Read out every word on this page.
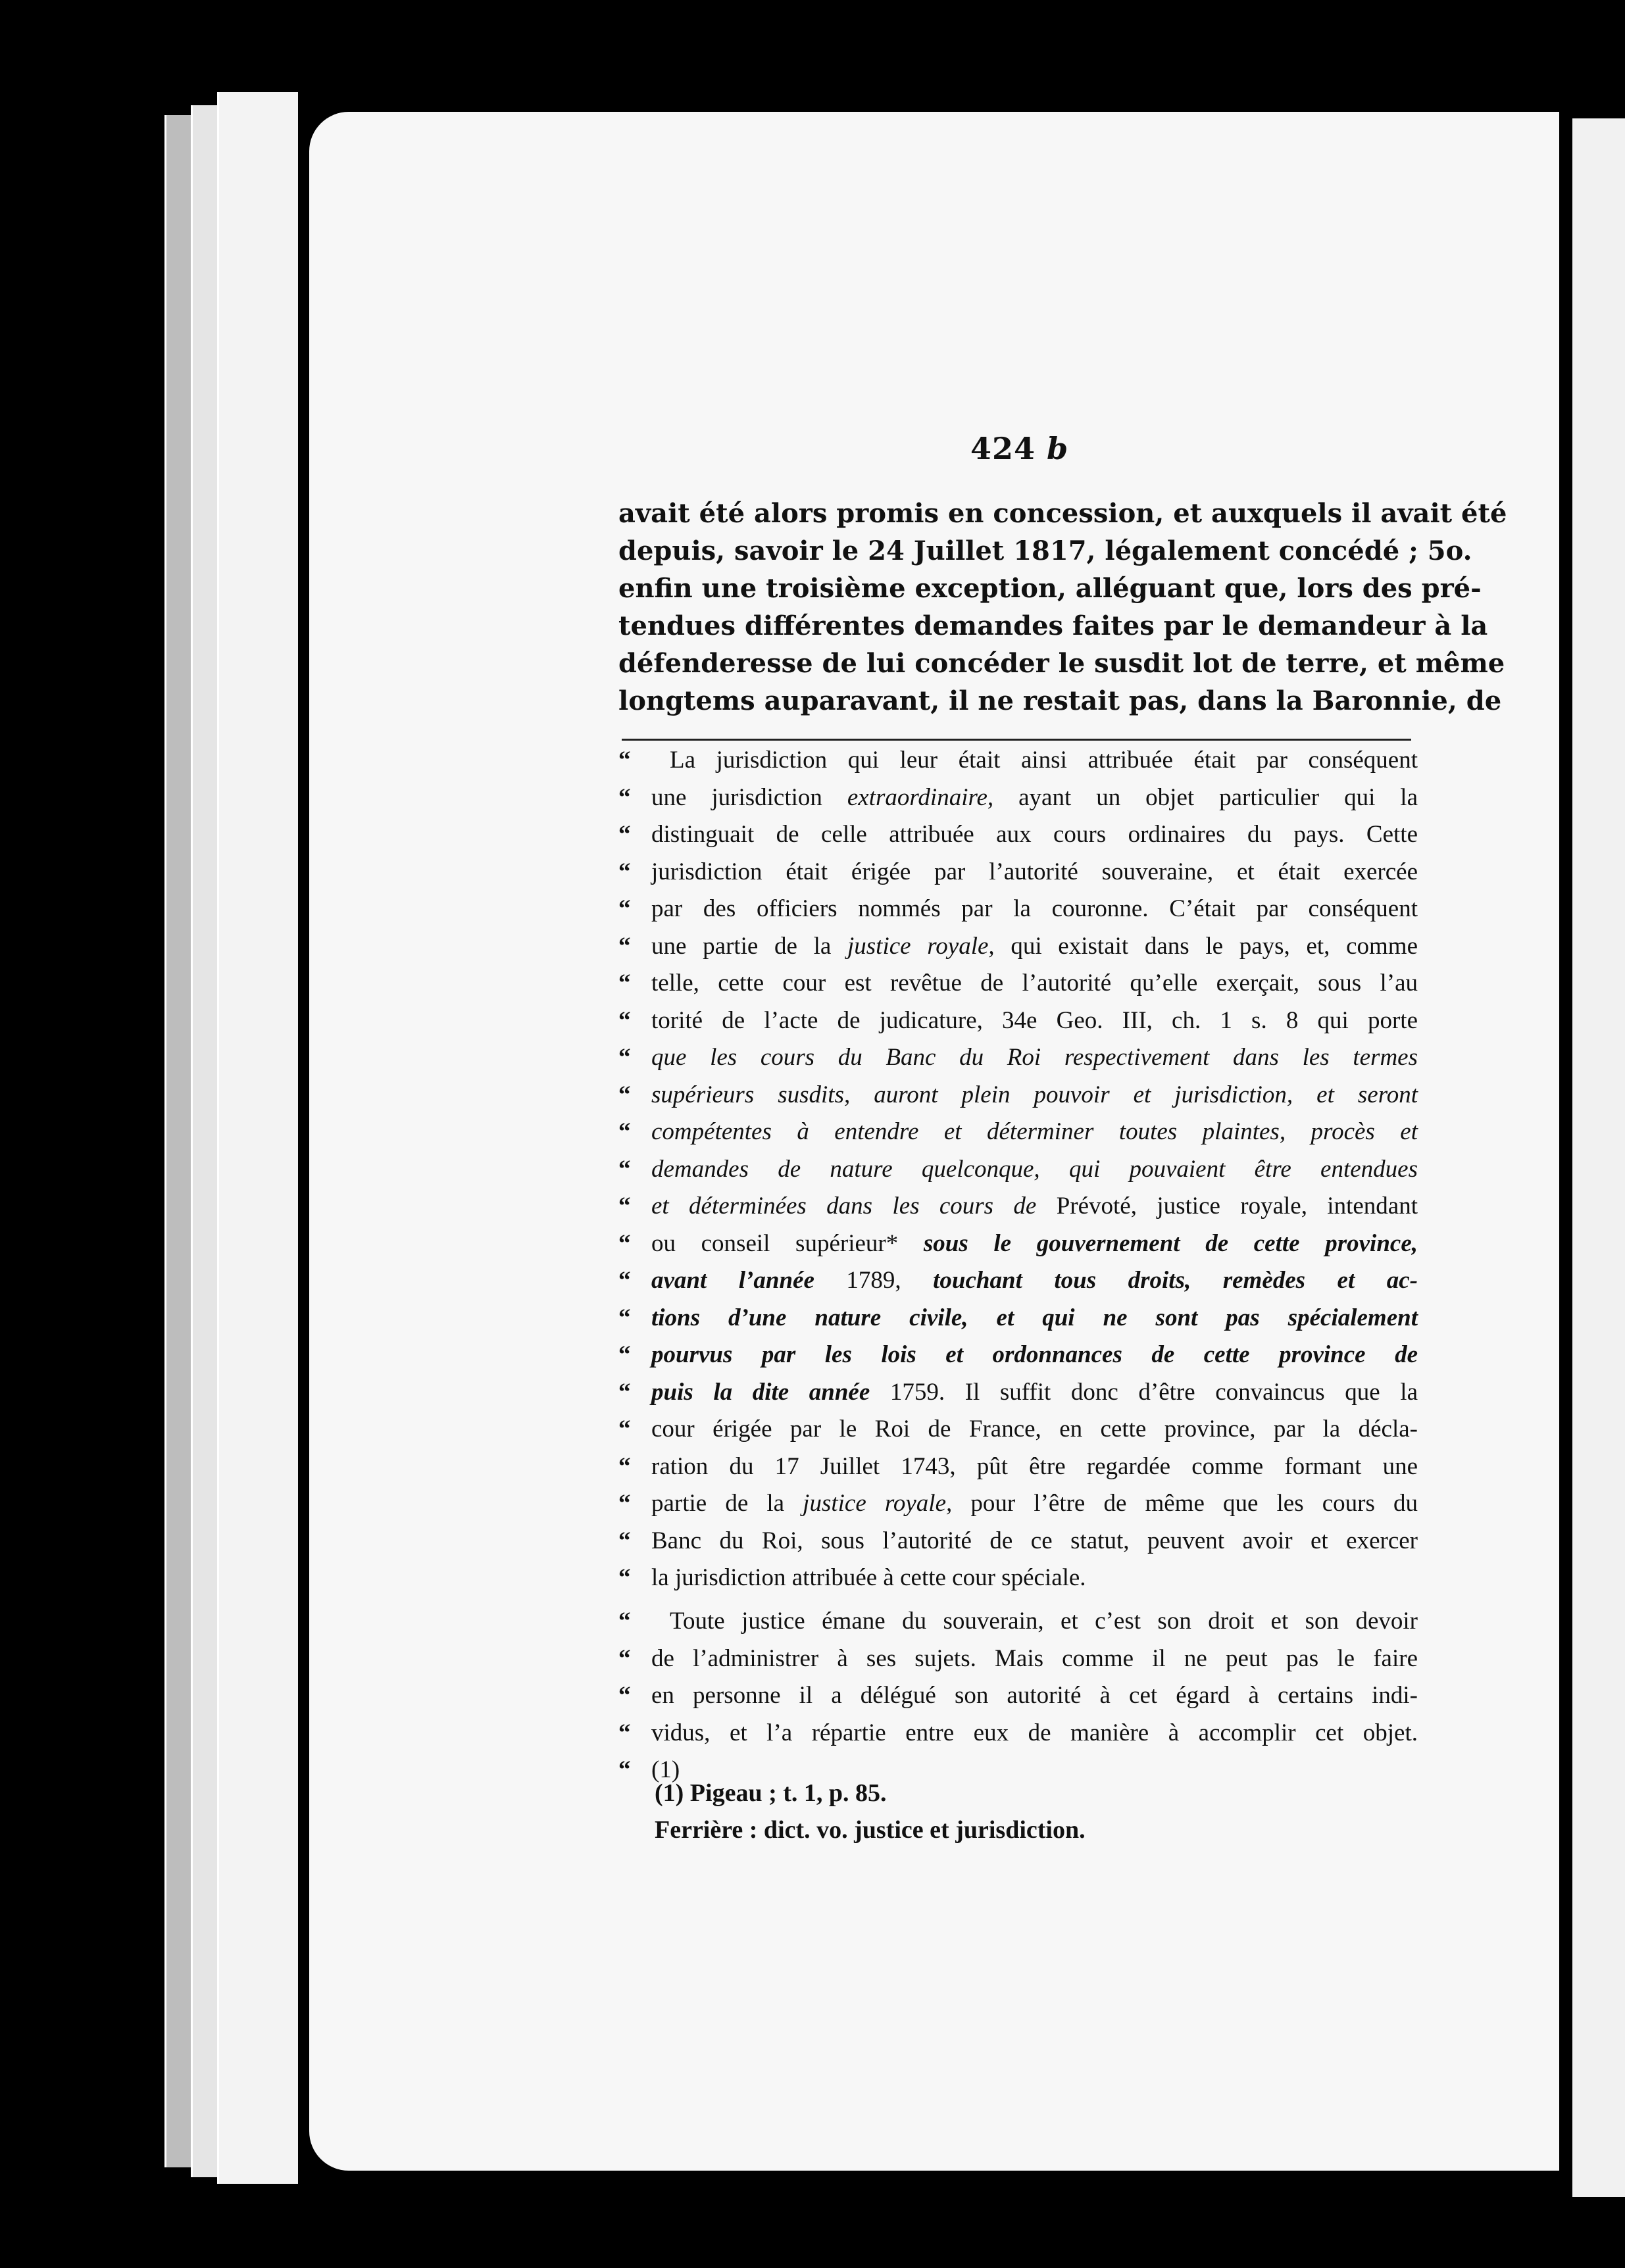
424 b
avait été alors promis en concession, et auxquels il avait été
depuis, savoir le 24 Juillet 1817, légalement concédé ; 5o.
enfin une troisième exception, alléguant que, lors des pré-
tendues différentes demandes faites par le demandeur à la
défenderesse de lui concéder le susdit lot de terre, et même
longtems auparavant, il ne restait pas, dans la Baronnie, de
“	La jurisdiction qui leur était ainsi attribuée était par conséquent
“ une jurisdiction extraordinaire, ayant un objet particulier qui la
“ distinguait de celle attribuée aux cours ordinaires du pays. Cette
“ jurisdiction était érigée par l’autorité souveraine, et était exercée
“ par des officiers nommés par la couronne. C’était par conséquent
“ une partie de la justice royale, qui existait dans le pays, et, comme
“ telle, cette cour est revêtue de l’autorité qu’elle exerçait, sous l’au
“ torité de l’acte de judicature, 34e Geo. III, ch. 1 s. 8 qui porte
“ que les cours du Banc du Roi respectivement dans les termes
“ supérieurs susdits, auront plein pouvoir et jurisdiction, et seront
“ compétentes à entendre et déterminer toutes plaintes, procès et
“ demandes de nature quelconque, qui pouvaient être entendues
“ et déterminées dans les cours de Prévoté, justice royale, intendant
“ ou conseil supérieur* sous le gouvernement de cette province,
“ avant l’année 1789, touchant tous droits, remèdes et ac-
“ tions d’une nature civile, et qui ne sont pas spécialement
“ pourvus par les lois et ordonnances de cette province de
“ puis la dite année 1759. Il suffit donc d’être convaincus que la
“ cour érigée par le Roi de France, en cette province, par la décla-
“ ration du 17 Juillet 1743, pût être regardée comme formant une
“ partie de la justice royale, pour l’être de même que les cours du
“ Banc du Roi, sous l’autorité de ce statut, peuvent avoir et exercer
“ la jurisdiction attribuée à cette cour spéciale.
“	Toute justice émane du souverain, et c’est son droit et son devoir
“ de l’administrer à ses sujets. Mais comme il ne peut pas le faire
“ en personne il a délégué son autorité à cet égard à certains indi-
“ vidus, et l’a répartie entre eux de manière à accomplir cet objet.
“ (1)
(1) Pigeau ; t. 1, p. 85.
Ferrière : dict. vo. justice et jurisdiction.
